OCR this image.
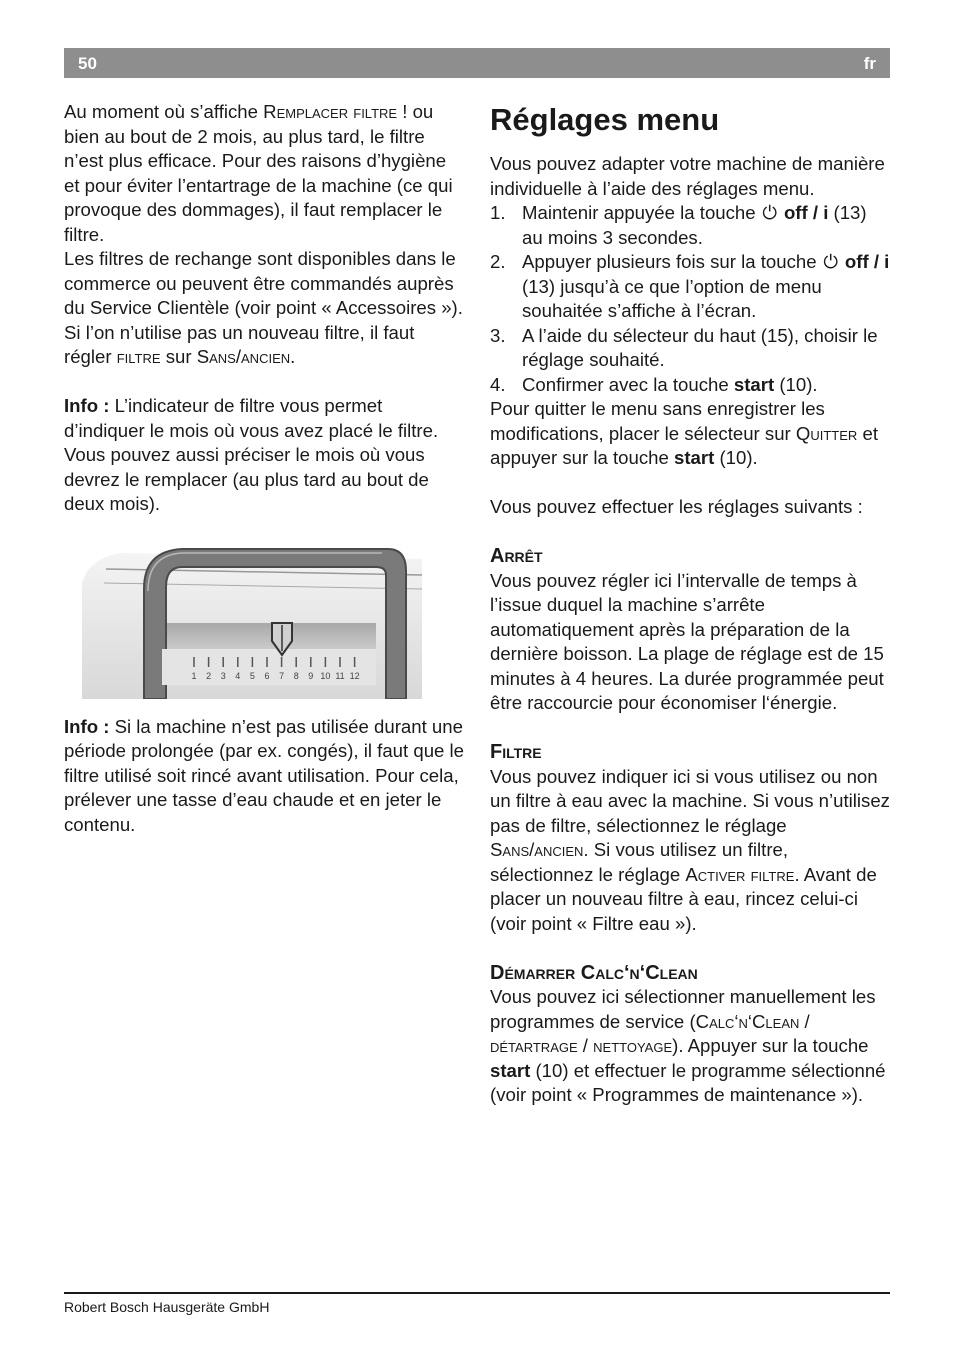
50	fr

Au moment où s’affiche Remplacer filtre ! ou bien au bout de 2 mois, au plus tard, le filtre n’est plus efficace. Pour des raisons d’hygiène et pour éviter l’entartrage de la machine (ce qui provoque des dommages), il faut remplacer le filtre.

Les filtres de rechange sont disponibles dans le commerce ou peuvent être commandés auprès du Service Clientèle (voir point « Accessoires »). Si l’on n’utilise pas un nouveau filtre, il faut régler filtre sur Sans/ancien.

Info : L’indicateur de filtre vous permet d’indiquer le mois où vous avez placé le filtre. Vous pouvez aussi préciser le mois où vous devrez le remplacer (au plus tard au bout de deux mois).

1 2 3 4 5 6 7 8 9 10 11 12

Info : Si la machine n’est pas utilisée durant une période prolongée (par ex. congés), il faut que le filtre utilisé soit rincé avant utilisation. Pour cela, prélever une tasse d’eau chaude et en jeter le contenu.

Réglages menu

Vous pouvez adapter votre machine de manière individuelle à l’aide des réglages menu.

1. Maintenir appuyée la touche ⏻ off / i (13) au moins 3 secondes.
2. Appuyer plusieurs fois sur la touche ⏻ off / i (13) jusqu’à ce que l’option de menu souhaitée s’affiche à l’écran.
3. A l’aide du sélecteur du haut (15), choisir le réglage souhaité.
4. Confirmer avec la touche start (10).

Pour quitter le menu sans enregistrer les modifications, placer le sélecteur sur Quitter et appuyer sur la touche start (10).

Vous pouvez effectuer les réglages suivants :

Arrêt

Vous pouvez régler ici l’intervalle de temps à l’issue duquel la machine s’arrête automatiquement après la préparation de la dernière boisson. La plage de réglage est de 15 minutes à 4 heures. La durée programmée peut être raccourcie pour économiser l‘énergie.

Filtre

Vous pouvez indiquer ici si vous utilisez ou non un filtre à eau avec la machine. Si vous n’utilisez pas de filtre, sélectionnez le réglage Sans/ancien. Si vous utilisez un filtre, sélectionnez le réglage Activer filtre. Avant de placer un nouveau filtre à eau, rincez celui-ci (voir point « Filtre eau »).

Démarrer Calc‘n‘Clean

Vous pouvez ici sélectionner manuellement les programmes de service (Calc‘n‘Clean / détartrage / nettoyage). Appuyer sur la touche start (10) et effectuer le programme sélectionné (voir point « Programmes de maintenance »).

Robert Bosch Hausgeräte GmbH
